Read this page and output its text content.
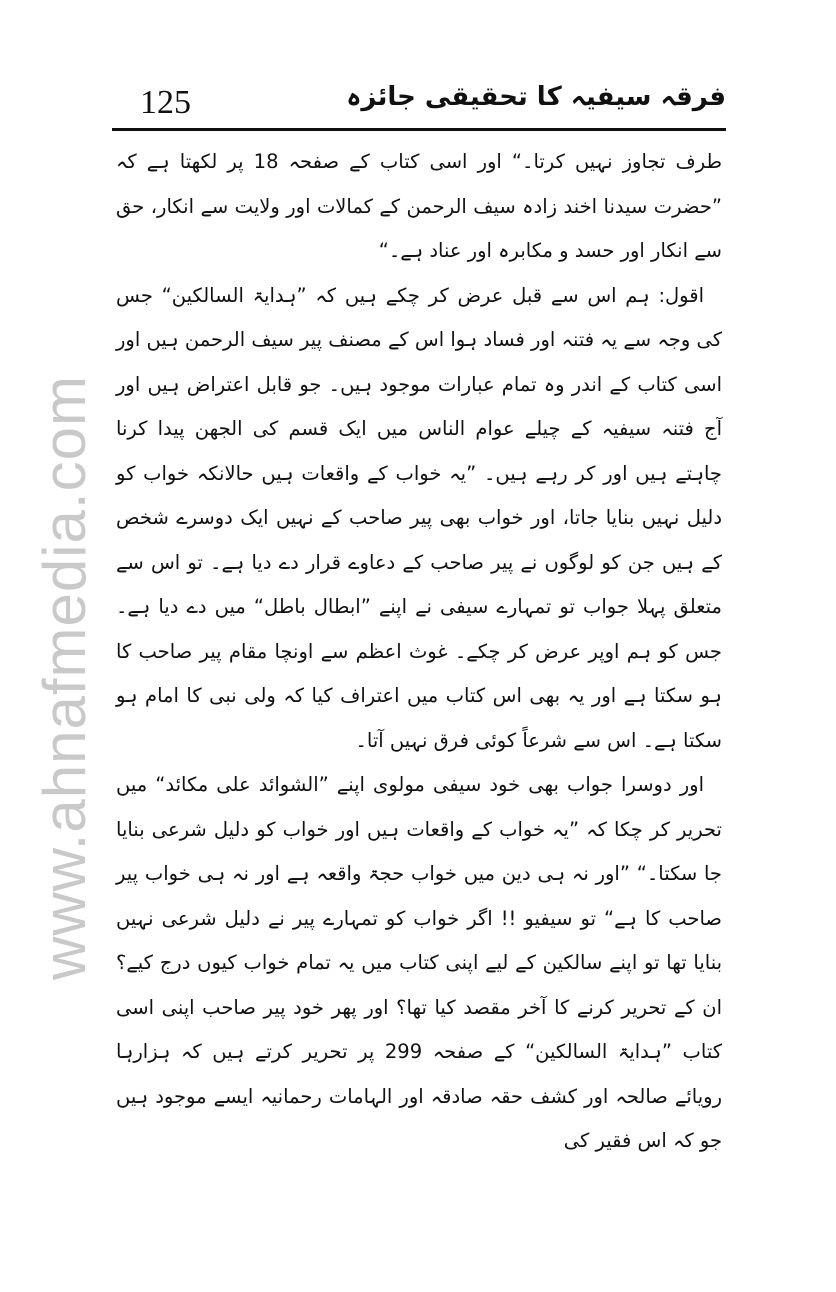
www.ahnafmedia.com
125	فرقہ سیفیہ کا تحقیقی جائزہ

طرف تجاوز نہیں کرتا۔“ اور اسی کتاب کے صفحہ 18 پر لکھتا ہے کہ ”حضرت سیدنا اخند زادہ سیف الرحمن کے کمالات اور ولایت سے انکار، حق سے انکار اور حسد و مکابرہ اور عناد ہے۔“

اقول: ہم اس سے قبل عرض کر چکے ہیں کہ ”ہدایۃ السالکین“ جس کی وجہ سے یہ فتنہ اور فساد ہوا اس کے مصنف پیر سیف الرحمن ہیں اور اسی کتاب کے اندر وہ تمام عبارات موجود ہیں۔ جو قابل اعتراض ہیں اور آج فتنہ سیفیہ کے چیلے عوام الناس میں ایک قسم کی الجھن پیدا کرنا چاہتے ہیں اور کر رہے ہیں۔ ”یہ خواب کے واقعات ہیں حالانکہ خواب کو دلیل نہیں بنایا جاتا، اور خواب بھی پیر صاحب کے نہیں ایک دوسرے شخص کے ہیں جن کو لوگوں نے پیر صاحب کے دعاوے قرار دے دیا ہے۔ تو اس سے متعلق پہلا جواب تو تمہارے سیفی نے اپنے ”ابطال باطل“ میں دے دیا ہے۔ جس کو ہم اوپر عرض کر چکے۔ غوث اعظم سے اونچا مقام پیر صاحب کا ہو سکتا ہے اور یہ بھی اس کتاب میں اعتراف کیا کہ ولی نبی کا امام ہو سکتا ہے۔ اس سے شرعاً کوئی فرق نہیں آتا۔

اور دوسرا جواب بھی خود سیفی مولوی اپنے ”الشوائد علی مکائد“ میں تحریر کر چکا کہ ”یہ خواب کے واقعات ہیں اور خواب کو دلیل شرعی بنایا جا سکتا۔“ ”اور نہ ہی دین میں خواب حجۃ واقعہ ہے اور نہ ہی خواب پیر صاحب کا ہے“ تو سیفیو !! اگر خواب کو تمہارے پیر نے دلیل شرعی نہیں بنایا تھا تو اپنے سالکین کے لیے اپنی کتاب میں یہ تمام خواب کیوں درج کیے؟ ان کے تحریر کرنے کا آخر مقصد کیا تھا؟ اور پھر خود پیر صاحب اپنی اسی کتاب ”ہدایۃ السالکین“ کے صفحہ 299 پر تحریر کرتے ہیں کہ ہزارہا رویائے صالحہ اور کشف حقہ صادقہ اور الہامات رحمانیہ ایسے موجود ہیں جو کہ اس فقیر کی
